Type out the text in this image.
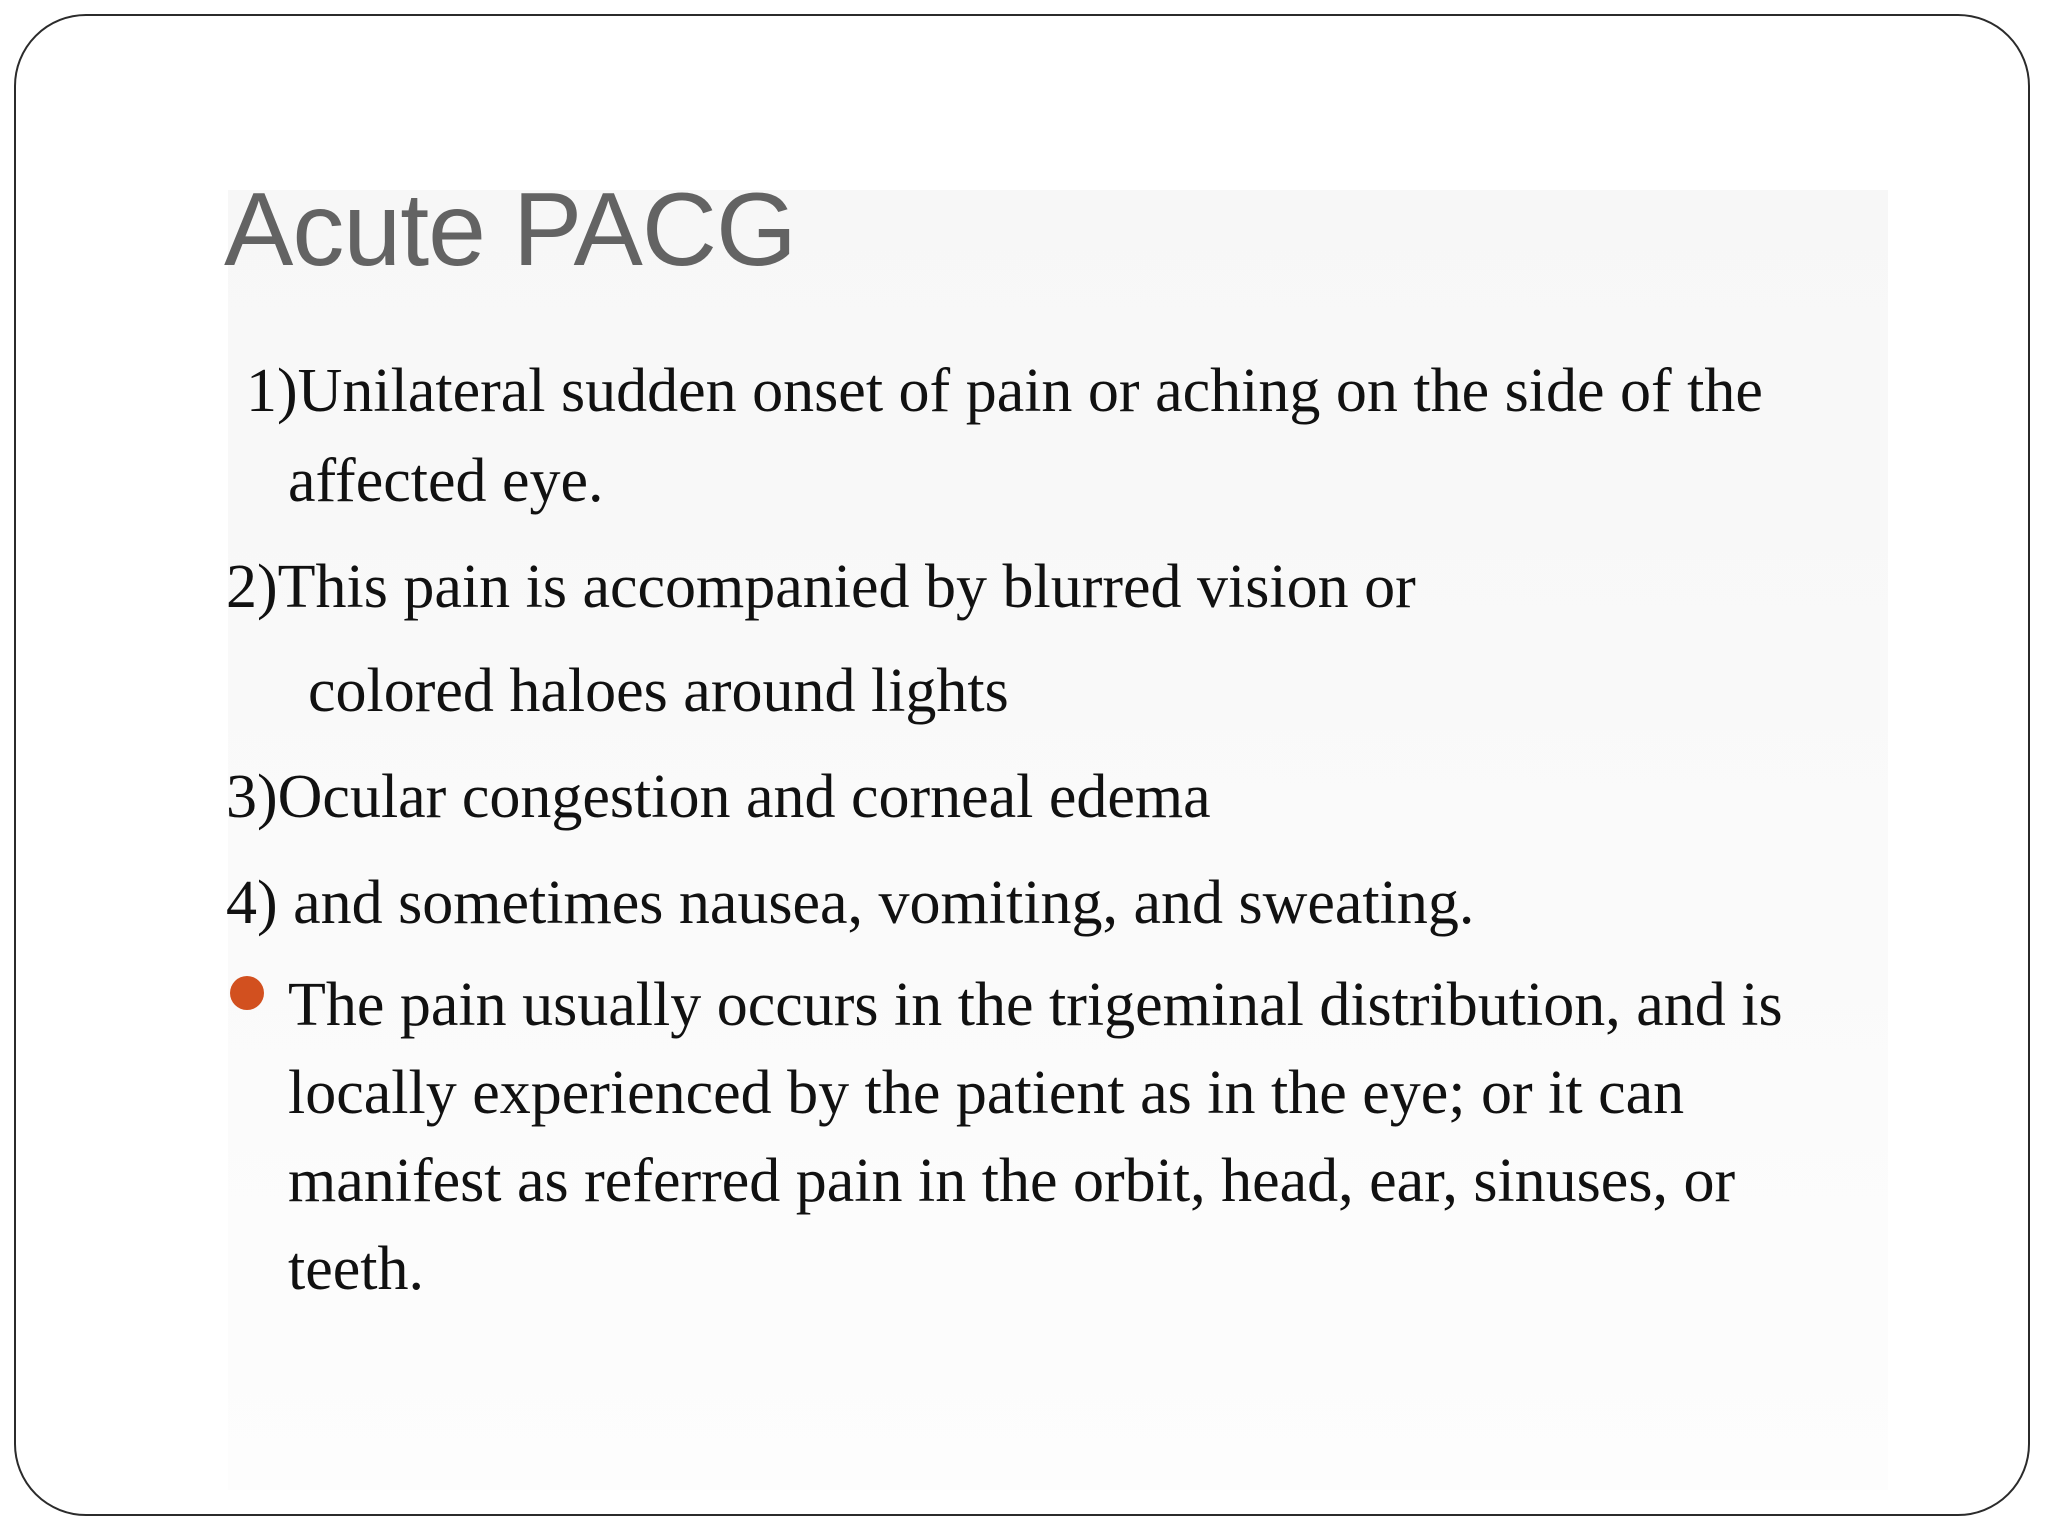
Acute PACG
1)Unilateral sudden onset of pain or aching on the side of the
affected eye.
2)This pain is accompanied by blurred vision or
colored haloes around lights
3)Ocular congestion and corneal edema
4) and sometimes nausea, vomiting, and sweating.
The pain usually occurs in the trigeminal distribution, and is
locally experienced by the patient as in the eye; or it can
manifest as referred pain in the orbit, head, ear, sinuses, or
teeth.
